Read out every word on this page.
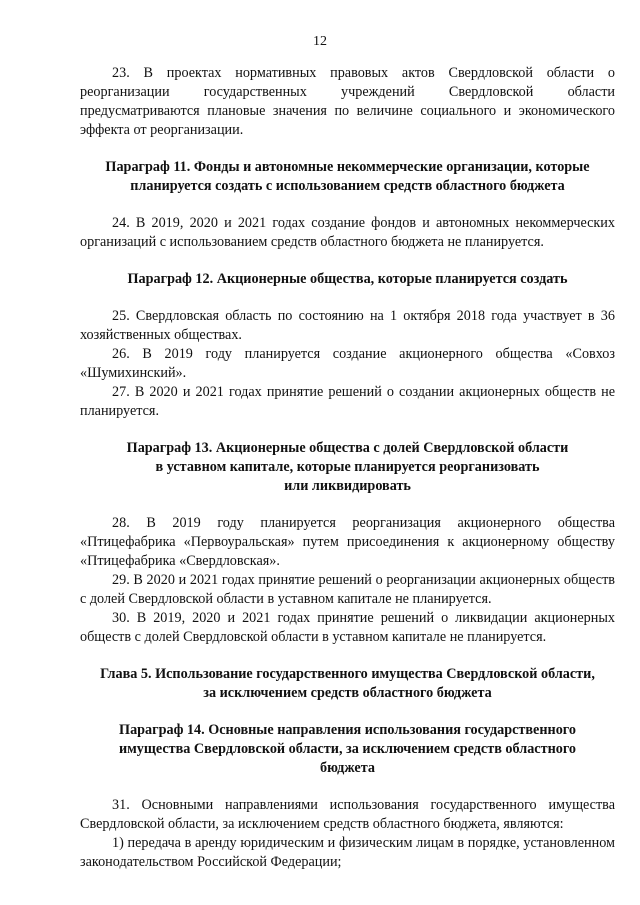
12

23. В проектах нормативных правовых актов Свердловской области о реорганизации государственных учреждений Свердловской области предусматриваются плановые значения по величине социального и экономического эффекта от реорганизации.

Параграф 11. Фонды и автономные некоммерческие организации, которые
планируется создать с использованием средств областного бюджета

24. В 2019, 2020 и 2021 годах создание фондов и автономных некоммерческих организаций с использованием средств областного бюджета не планируется.

Параграф 12. Акционерные общества, которые планируется создать

25. Свердловская область по состоянию на 1 октября 2018 года участвует в 36 хозяйственных обществах.

26. В 2019 году планируется создание акционерного общества «Совхоз «Шумихинский».

27. В 2020 и 2021 годах принятие решений о создании акционерных обществ не планируется.

Параграф 13. Акционерные общества с долей Свердловской области
в уставном капитале, которые планируется реорганизовать
или ликвидировать

28. В 2019 году планируется реорганизация акционерного общества «Птицефабрика «Первоуральская» путем присоединения к акционерному обществу «Птицефабрика «Свердловская».

29. В 2020 и 2021 годах принятие решений о реорганизации акционерных обществ с долей Свердловской области в уставном капитале не планируется.

30. В 2019, 2020 и 2021 годах принятие решений о ликвидации акционерных обществ с долей Свердловской области в уставном капитале не планируется.

Глава 5. Использование государственного имущества Свердловской области,
за исключением средств областного бюджета
Параграф 14. Основные направления использования государственного
имущества Свердловской области, за исключением средств областного
бюджета

31. Основными направлениями использования государственного имущества Свердловской области, за исключением средств областного бюджета, являются:

1) передача в аренду юридическим и физическим лицам в порядке, установленном законодательством Российской Федерации;
